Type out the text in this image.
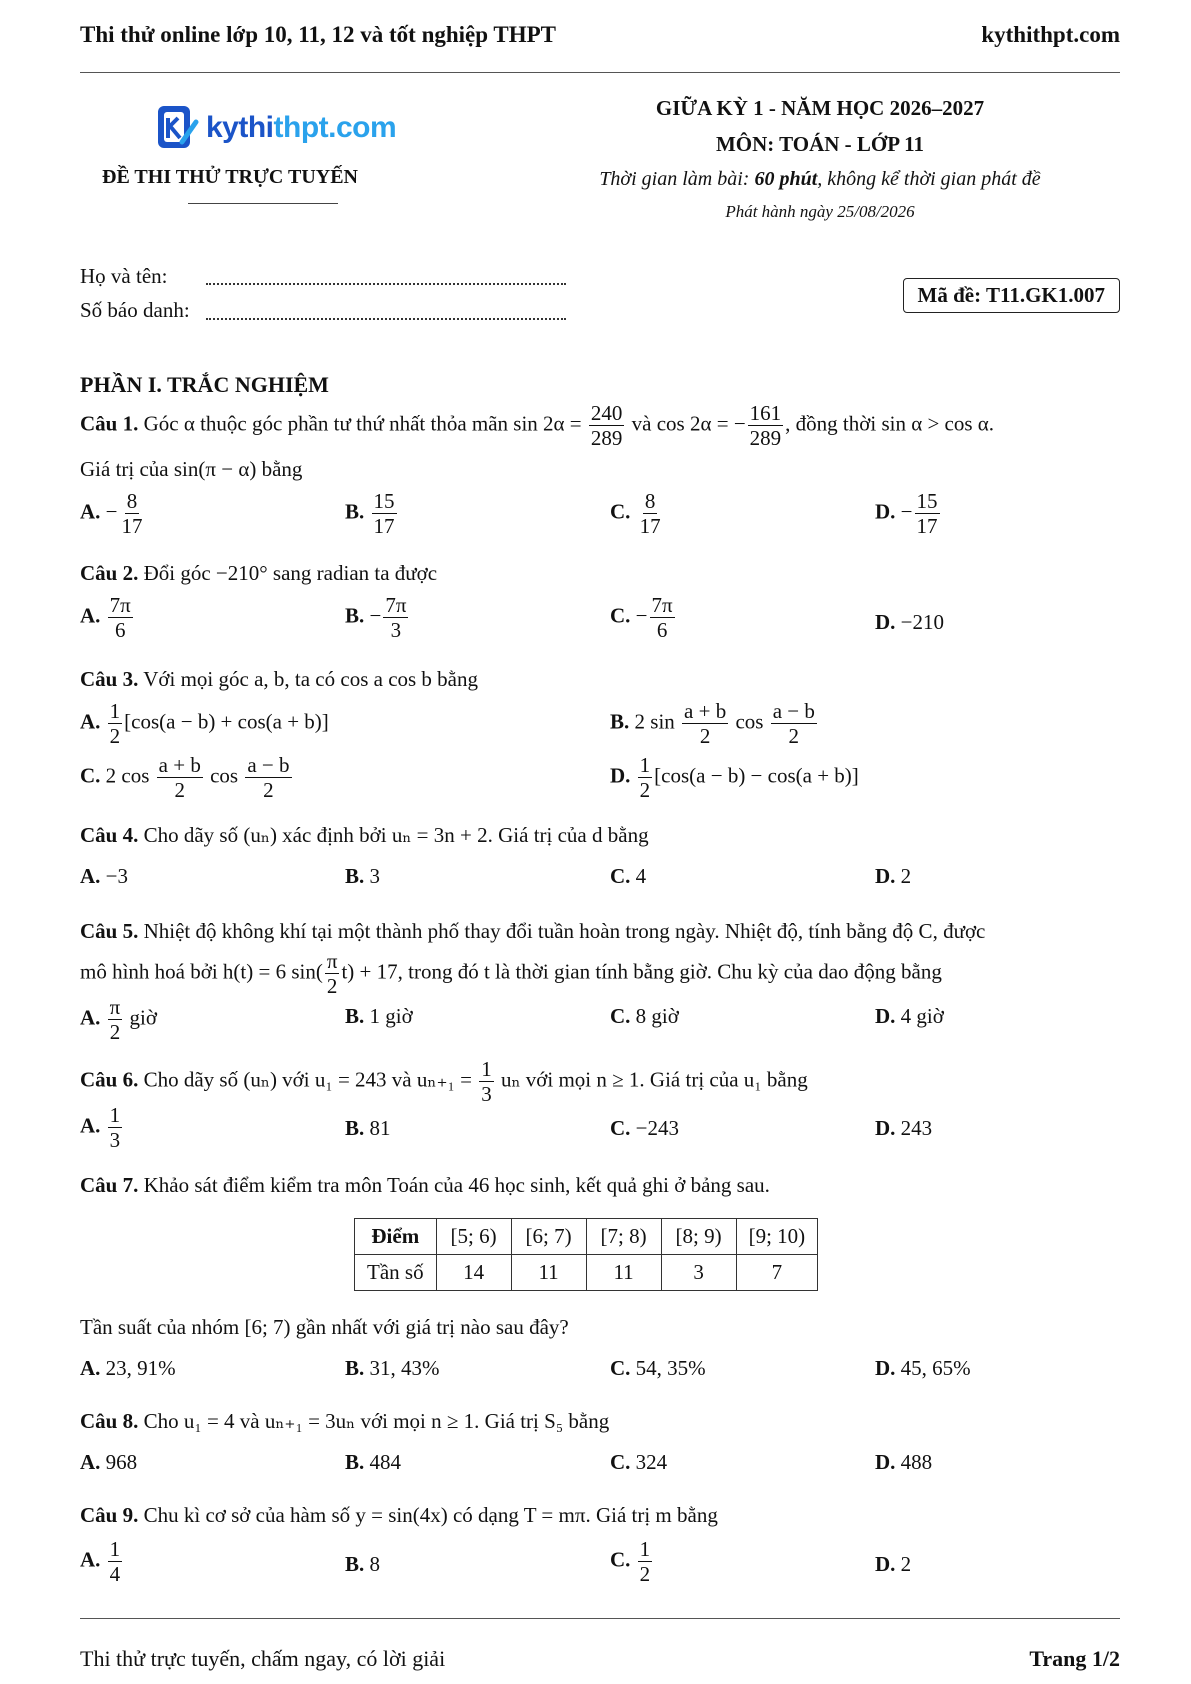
Thi thử online lớp 10, 11, 12 và tốt nghiệp THPT	kythithpt.com
kythithpt.com
ĐỀ THI THỬ TRỰC TUYẾN
GIỮA KỲ 1 - NĂM HỌC 2026–2027
MÔN: TOÁN - LỚP 11
Thời gian làm bài: 60 phút, không kể thời gian phát đề
Phát hành ngày 25/08/2026
Họ và tên:
Số báo danh:
Mã đề: T11.GK1.007
PHẦN I. TRẮC NGHIỆM
Câu 1. Góc α thuộc góc phần tư thứ nhất thỏa mãn $\sin 2\alpha = \frac{240}{289}$ và cos 2α = − $\frac{161}{289}$ , đồng thời sin α > cos α.
Giá trị của sin(π − α) bằng
A. − $\frac{8}{17}$	B. $\frac{15}{17}$	C. $\frac{8}{17}$	D. − $\frac{15}{17}$
Câu 2. Đổi góc −210° sang radian ta được
A. $\frac{7\pi}{6}$	B. − $\frac{7\pi}{3}$	C. − $\frac{7\pi}{6}$	D. −210
Câu 3. Với mọi góc a, b, ta có cos a cos b bằng
A. $\frac{1}{2} [\cos(a - b) + \cos(a + b)]$	B. 2 $\sin \frac{a + b}{2}$ $\cos \frac{a - b}{2}$
C. 2 $\cos \frac{a + b}{2}$ $\cos \frac{a - b}{2}$	D. $\frac{1}{2} [\cos(a - b) - \cos(a + b)]$
Câu 4. Cho dãy số (uₙ) xác định bởi uₙ = 3n + 2. Giá trị của d bằng
A. −3	B. 3	C. 4	D. 2
Câu 5. Nhiệt độ không khí tại một thành phố thay đổi tuần hoàn trong ngày. Nhiệt độ, tính bằng độ C, được
mô hình hoá bởi h(t) = 6 $\sin( \frac{\pi}{2} t) + 17$, trong đó t là thời gian tính bằng giờ. Chu kỳ của dao động bằng
A. $\frac{\pi}{2}$ giờ	B. 1 giờ	C. 8 giờ	D. 4 giờ
Câu 6. Cho dãy số (uₙ) với u₁ = 243 và $u_{n+1} = \frac{1}{3}$ uₙ với mọi n ≥ 1. Giá trị của u₁ bằng
A. $\frac{1}{3}$	B. 81	C. −243	D. 243
Câu 7. Khảo sát điểm kiểm tra môn Toán của 46 học sinh, kết quả ghi ở bảng sau.
Điểm	[5; 6)	[6; 7)	[7; 8)	[8; 9)	[9; 10)
Tần số	14	11	11	3	7
Tần suất của nhóm [6; 7) gần nhất với giá trị nào sau đây?
A. 23, 91%	B. 31, 43%	C. 54, 35%	D. 45, 65%
Câu 8. Cho u₁ = 4 và uₙ₊₁ = 3uₙ với mọi n ≥ 1. Giá trị S₅ bằng
A. 968	B. 484	C. 324	D. 488
Câu 9. Chu kì cơ sở của hàm số y = sin(4x) có dạng T = mπ. Giá trị m bằng
A. $\frac{1}{4}$	B. 8	C. $\frac{1}{2}$	D. 2
Thi thử trực tuyến, chấm ngay, có lời giải	Trang 1/2
